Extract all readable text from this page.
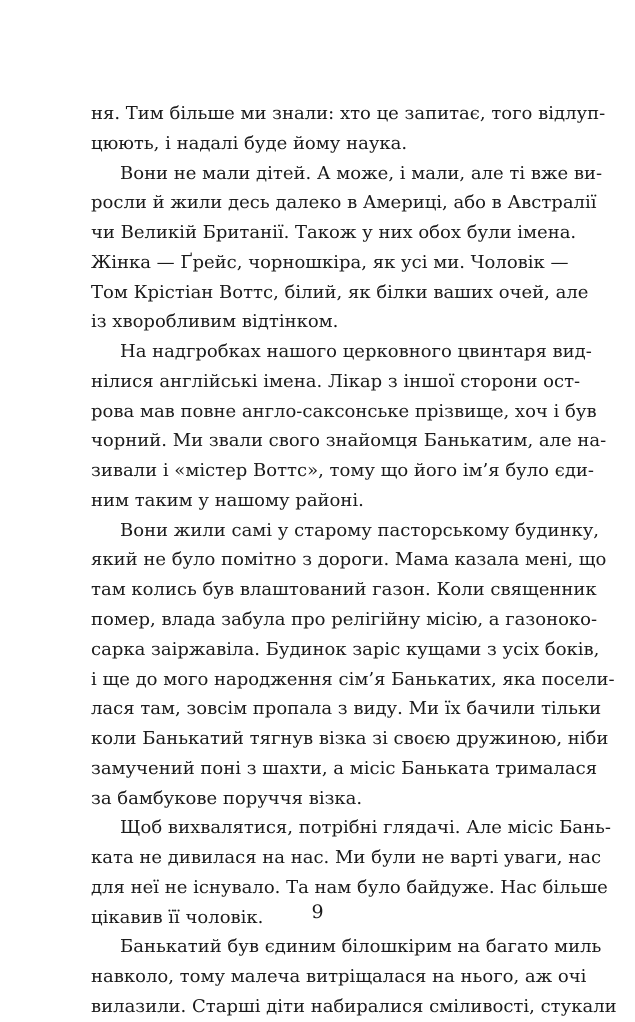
ня. Тим більше ми знали: хто це запитає, того відлуп-
цюють, і надалі буде йому наука.
Вони не мали дітей. А може, і мали, але ті вже ви-
росли й жили десь далеко в Америці, або в Австралії
чи Великій Британії. Також у них обох були імена.
Жінка — Ґрейс, чорношкіра, як усі ми. Чоловік —
Том Крістіан Воттс, білий, як білки ваших очей, але
із хворобливим відтінком.
На надгробках нашого церковного цвинтаря вид-
нілися англійські імена. Лікар з іншої сторони ост-
рова мав повне англо-саксонське прізвище, хоч і був
чорний. Ми звали свого знайомця Банькатим, але на-
зивали і «містер Воттс», тому що його ім’я було єди-
ним таким у нашому районі.
Вони жили самі у старому пасторському будинку,
який не було помітно з дороги. Мама казала мені, що
там колись був влаштований газон. Коли священник
помер, влада забула про релігійну місію, а газоноко-
сарка заіржавіла. Будинок заріс кущами з усіх боків,
і ще до мого народження сім’я Банькатих, яка посели-
лася там, зовсім пропала з виду. Ми їх бачили тільки
коли Банькатий тягнув візка зі своєю дружиною, ніби
замучений поні з шахти, а місіс Банькатa трималася
за бамбукове поруччя візка.
Щоб вихвалятися, потрібні глядачі. Але місіс Бань-
ката не дивилася на нас. Ми були не варті уваги, нас
для неї не існувало. Та нам було байдуже. Нас більше
цікавив її чоловік.
Банькатий був єдиним білошкірим на багато миль
навколо, тому малеча витріщалася на нього, аж очі
вилазили. Старші діти набиралися сміливості, стукали
9
